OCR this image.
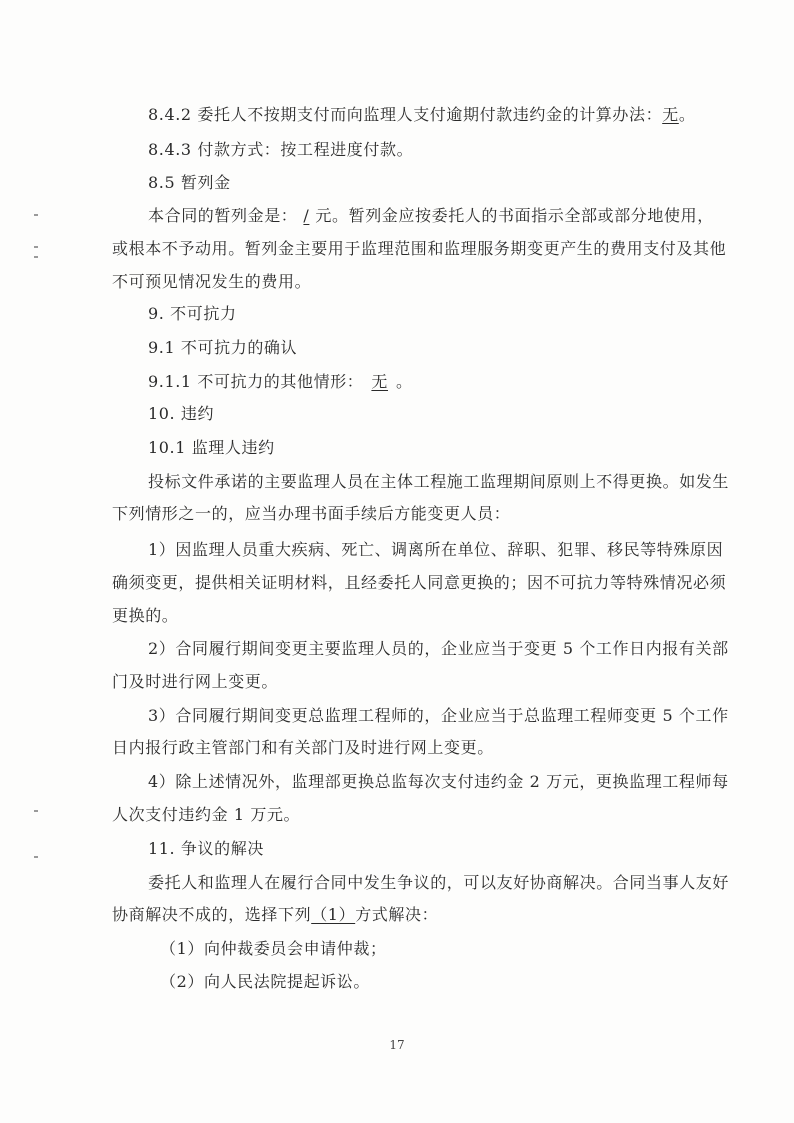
8.4.2 委托人不按期支付而向监理人支付逾期付款违约金的计算办法：无。
8.4.3 付款方式：按工程进度付款。
8.5 暂列金
本合同的暂列金是： / 元。暂列金应按委托人的书面指示全部或部分地使用，
或根本不予动用。暂列金主要用于监理范围和监理服务期变更产生的费用支付及其他
不可预见情况发生的费用。
9. 不可抗力
9.1 不可抗力的确认
9.1.1 不可抗力的其他情形： 无 。
10. 违约
10.1 监理人违约
投标文件承诺的主要监理人员在主体工程施工监理期间原则上不得更换。如发生
下列情形之一的，应当办理书面手续后方能变更人员：
1）因监理人员重大疾病、死亡、调离所在单位、辞职、犯罪、移民等特殊原因
确须变更，提供相关证明材料，且经委托人同意更换的；因不可抗力等特殊情况必须
更换的。
2）合同履行期间变更主要监理人员的，企业应当于变更 5 个工作日内报有关部
门及时进行网上变更。
3）合同履行期间变更总监理工程师的，企业应当于总监理工程师变更 5 个工作
日内报行政主管部门和有关部门及时进行网上变更。
4）除上述情况外，监理部更换总监每次支付违约金 2 万元，更换监理工程师每
人次支付违约金 1 万元。
11. 争议的解决
委托人和监理人在履行合同中发生争议的，可以友好协商解决。合同当事人友好
协商解决不成的，选择下列（1）方式解决：
（1）向仲裁委员会申请仲裁；
（2）向人民法院提起诉讼。
17
